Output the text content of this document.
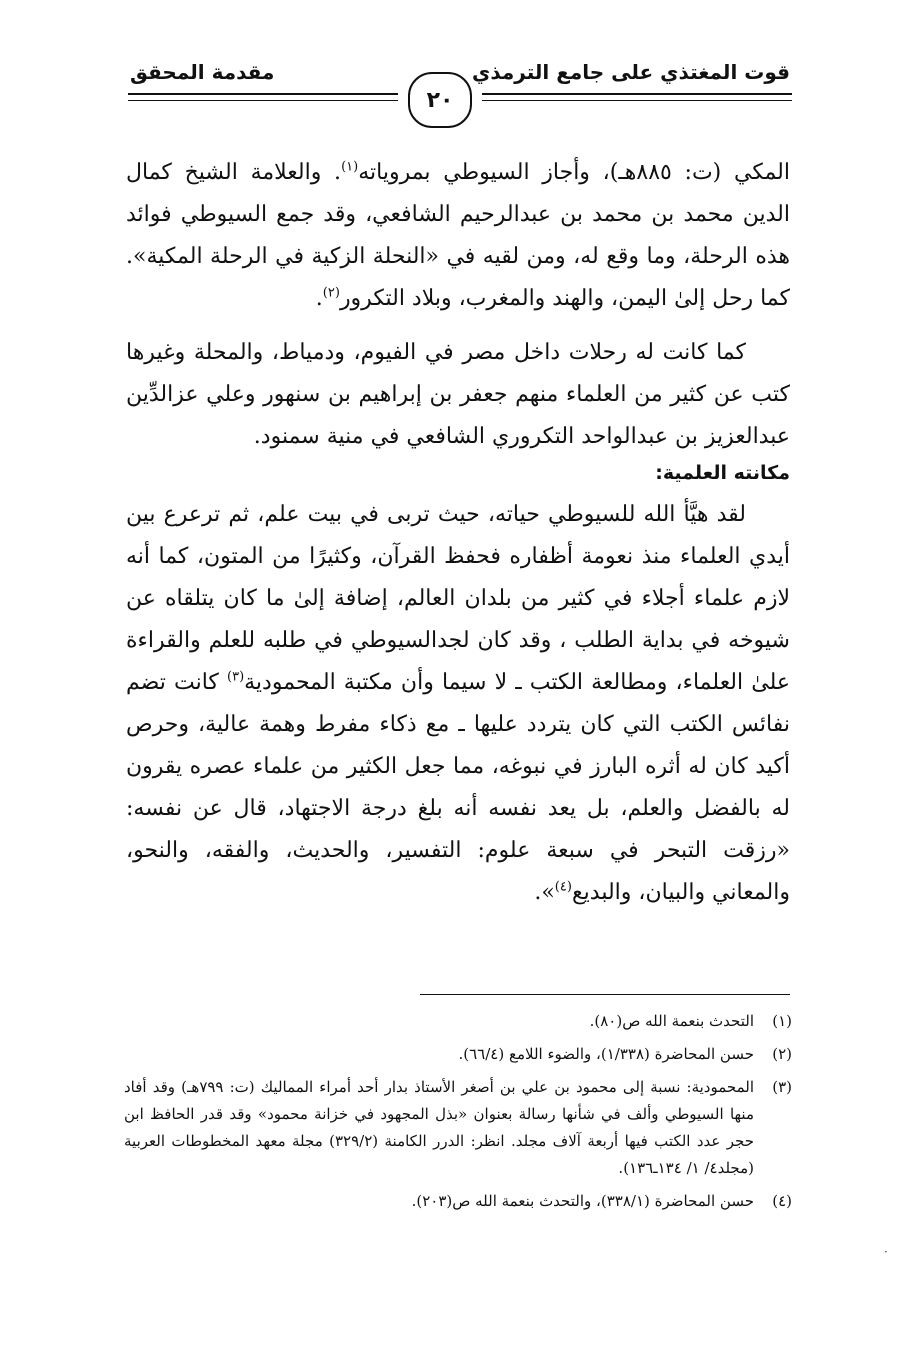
قوت المغتذي على جامع الترمذي
مقدمة المحقق
٢٠

المكي (ت: ٨٨٥هـ)، وأجاز السيوطي بمروياته$^{(١)}$. والعلامة الشيخ كمال الدين محمد بن محمد بن عبدالرحيم الشافعي، وقد جمع السيوطي فوائد هذه الرحلة، وما وقع له، ومن لقيه في «النحلة الزكية في الرحلة المكية». كما رحل إلىٰ اليمن، والهند والمغرب، وبلاد التكرور$^{(٢)}$.

كما كانت له رحلات داخل مصر في الفيوم، ودمياط، والمحلة وغيرها كتب عن كثير من العلماء منهم جعفر بن إبراهيم بن سنهور وعلي عزالدِّين عبدالعزيز بن عبدالواحد التكروري الشافعي في منية سمنود.

مكانته العلمية:

لقد هيَّأ الله للسيوطي حياته، حيث تربى في بيت علم، ثم ترعرع بين أيدي العلماء منذ نعومة أظفاره فحفظ القرآن، وكثيرًا من المتون، كما أنه لازم علماء أجلاء في كثير من بلدان العالم، إضافة إلىٰ ما كان يتلقاه عن شيوخه في بداية الطلب ، وقد كان لجدالسيوطي في طلبه للعلم والقراءة علىٰ العلماء، ومطالعة الكتب ـ لا سيما وأن مكتبة المحمودية$^{(٣)}$ كانت تضم نفائس الكتب التي كان يتردد عليها ـ مع ذكاء مفرط وهمة عالية، وحرص أكيد كان له أثره البارز في نبوغه، مما جعل الكثير من علماء عصره يقرون له بالفضل والعلم، بل يعد نفسه أنه بلغ درجة الاجتهاد، قال عن نفسه: «رزقت التبحر في سبعة علوم: التفسير، والحديث، والفقه، والنحو، والمعاني والبيان، والبديع$^{(٤)}$».

(١)
التحدث بنعمة الله ص(٨٠).
(٢)
حسن المحاضرة (١/٣٣٨)، والضوء اللامع (٦٦/٤).
(٣)
المحمودية: نسبة إلى محمود بن علي بن أصغر الأستاذ بدار أحد أمراء المماليك (ت: ٧٩٩هـ) وقد أفاد منها السيوطي وألف في شأنها رسالة بعنوان «بذل المجهود في خزانة محمود» وقد قدر الحافظ ابن حجر عدد الكتب فيها أربعة آلاف مجلد. انظر: الدرر الكامنة (٣٢٩/٢) مجلة معهد المخطوطات العربية (مجلد٤/ ١/ ١٣٤ـ١٣٦).
(٤)
حسن المحاضرة (٣٣٨/١)، والتحدث بنعمة الله ص(٢٠٣).
·
